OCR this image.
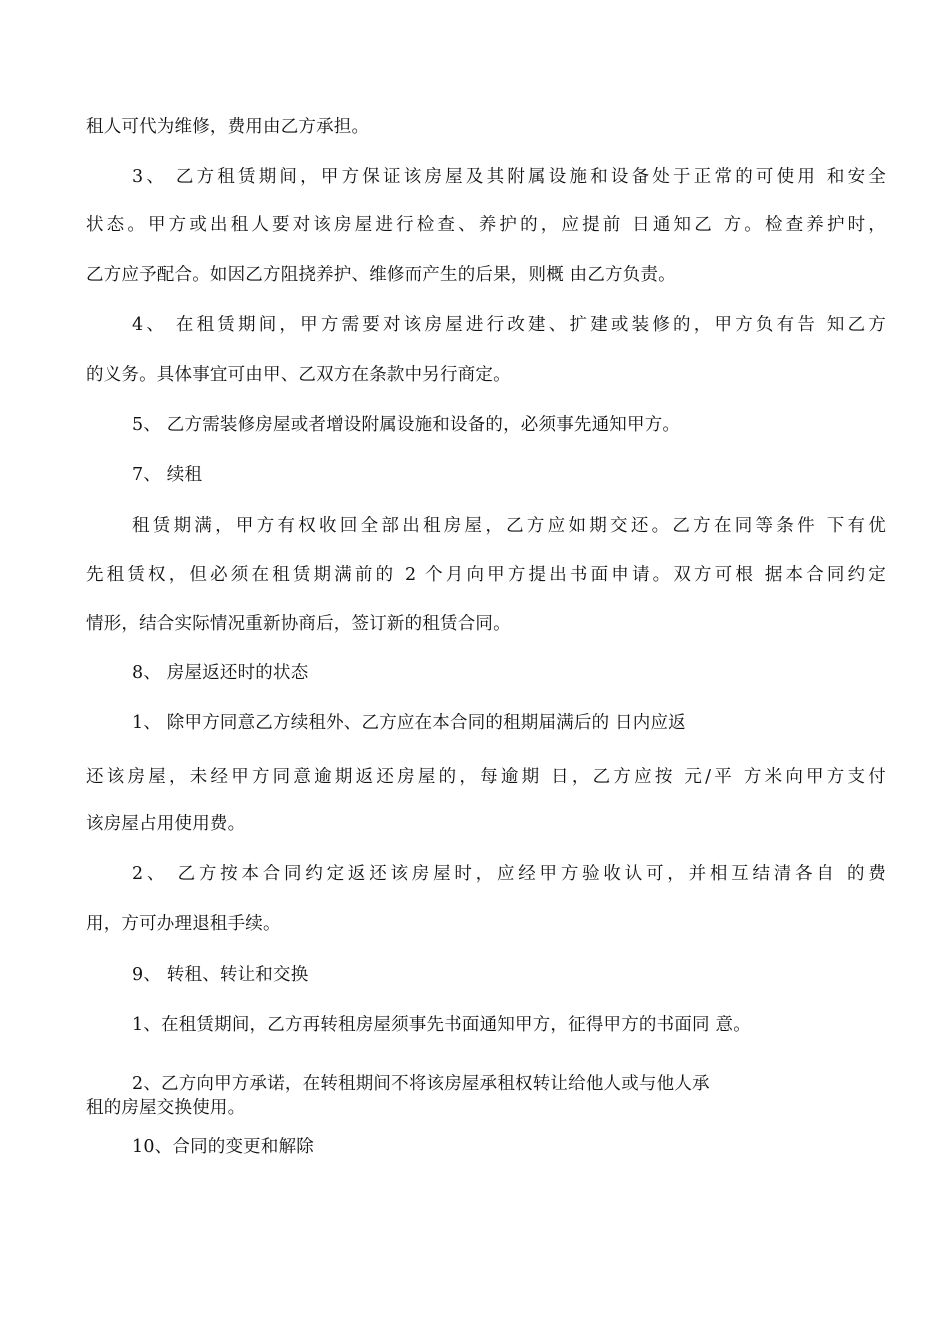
租人可代为维修，费用由乙方承担。
3、 乙方租赁期间，甲方保证该房屋及其附属设施和设备处于正常的可使用 和安全
状态。甲方或出租人要对该房屋进行检查、养护的，应提前 日通知乙 方。检查养护时，
乙方应予配合。如因乙方阻挠养护、维修而产生的后果，则概 由乙方负责。
4、 在租赁期间，甲方需要对该房屋进行改建、扩建或装修的，甲方负有告 知乙方
的义务。具体事宜可由甲、乙双方在条款中另行商定。
5、 乙方需装修房屋或者增设附属设施和设备的，必须事先通知甲方。
7、 续租
租赁期满，甲方有权收回全部出租房屋，乙方应如期交还。乙方在同等条件 下有优
先租赁权，但必须在租赁期满前的 2 个月向甲方提出书面申请。双方可根 据本合同约定
情形，结合实际情况重新协商后，签订新的租赁合同。
8、 房屋返还时的状态
1、 除甲方同意乙方续租外、乙方应在本合同的租期届满后的 日内应返
还该房屋，未经甲方同意逾期返还房屋的，每逾期 日，乙方应按 元/平 方米向甲方支付
该房屋占用使用费。
2、 乙方按本合同约定返还该房屋时，应经甲方验收认可，并相互结清各自 的费
用，方可办理退租手续。
9、 转租、转让和交换
1、在租赁期间，乙方再转租房屋须事先书面通知甲方，征得甲方的书面同 意。
2、乙方向甲方承诺，在转租期间不将该房屋承租权转让给他人或与他人承
租的房屋交换使用。
10、合同的变更和解除
